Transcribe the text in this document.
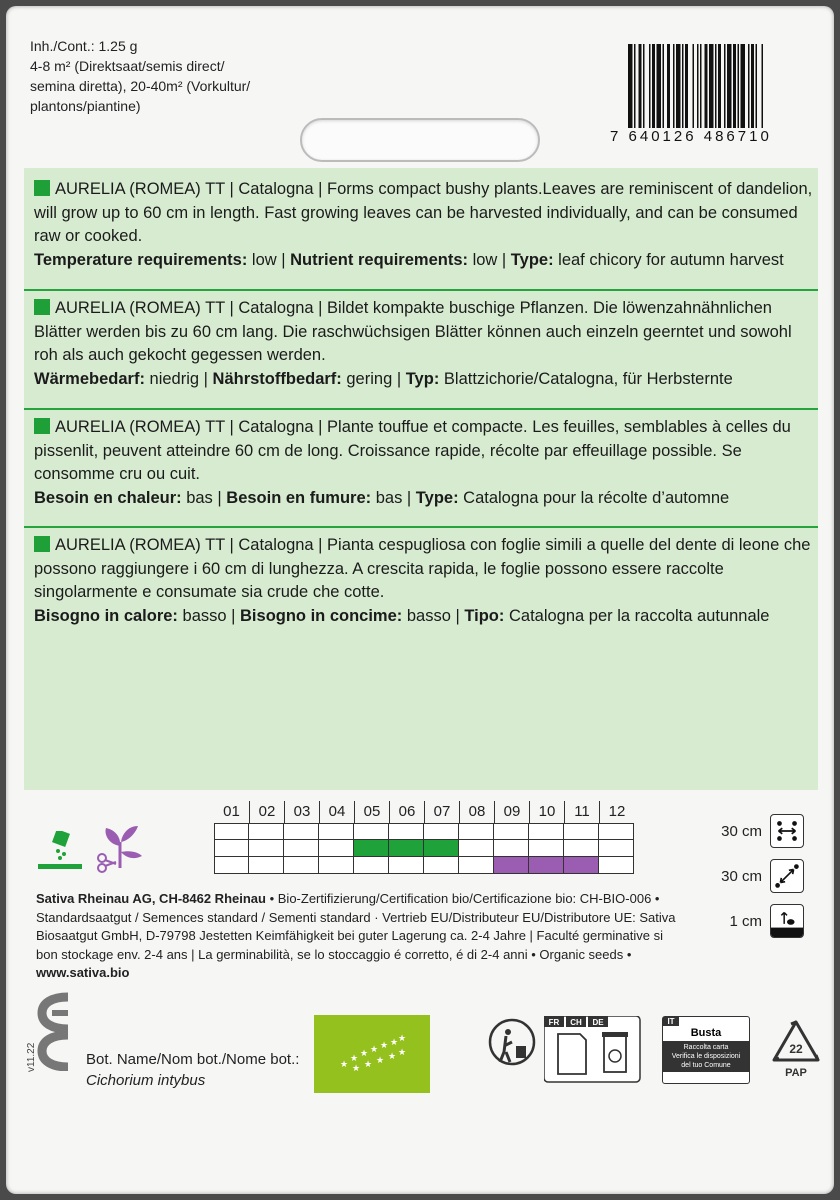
Inh./Cont.: 1.25 g
4-8 m² (Direktsaat/semis direct/
semina diretta), 20-40m² (Vorkultur/
plantons/piantine)
7 640126 486710
AURELIA (ROMEA) TT | Catalogna | Forms compact bushy plants.Leaves are reminiscent of dandelion, will grow up to 60 cm in length. Fast growing leaves can be harvested individually, and can be consumed raw or cooked.
Temperature requirements: low | Nutrient requirements: low | Type: leaf chicory for autumn harvest
AURELIA (ROMEA) TT | Catalogna | Bildet kompakte buschige Pflanzen. Die löwenzahnähnlichen Blätter werden bis zu 60 cm lang. Die raschwüchsigen Blätter können auch einzeln geerntet und sowohl roh als auch gekocht gegessen werden.
Wärmebedarf: niedrig | Nährstoffbedarf: gering | Typ: Blattzichorie/Catalogna, für Herbsternte
AURELIA (ROMEA) TT | Catalogna | Plante touffue et compacte. Les feuilles, semblables à celles du pissenlit, peuvent atteindre 60 cm de long. Croissance rapide, récolte par effeuillage possible. Se consomme cru ou cuit.
Besoin en chaleur: bas | Besoin en fumure: bas | Type: Catalogna pour la récolte d’automne
AURELIA (ROMEA) TT | Catalogna | Pianta cespugliosa con foglie simili a quelle del dente di leone che possono raggiungere i 60 cm di lunghezza. A crescita rapida, le foglie possono essere raccolte singolarmente e consumate sia crude che cotte.
Bisogno in calore: basso | Bisogno in concime: basso | Tipo: Catalogna per la raccolta autunnale
01	02	03	04	05	06	07	08	09	10	11	12
30 cm
30 cm
1 cm
Sativa Rheinau AG, CH-8462 Rheinau • Bio-Zertifizierung/Certification bio/Certificazione bio: CH-BIO-006 • Standardsaatgut / Semences standard / Sementi standard · Vertrieb EU/Distributeur EU/Distributore UE: Sativa Biosaatgut GmbH, D-79798 Jestetten Keimfähigkeit bei guter Lagerung ca. 2-4 Jahre | Faculté germinative si bon stockage env. 2-4 ans | La germinabilità, se lo stoccaggio é corretto, é di 2-4 anni • Organic seeds • www.sativa.bio
v11.22	Bot. Name/Nom bot./Nome bot.:
Cichorium intybus
★
★ ★ ★ ★ ★ ★
★ ★ ★ ★ ★
FR CH DE	IT
Busta
Raccolta carta
Verifica le disposizioni
del tuo Comune
22
PAP
